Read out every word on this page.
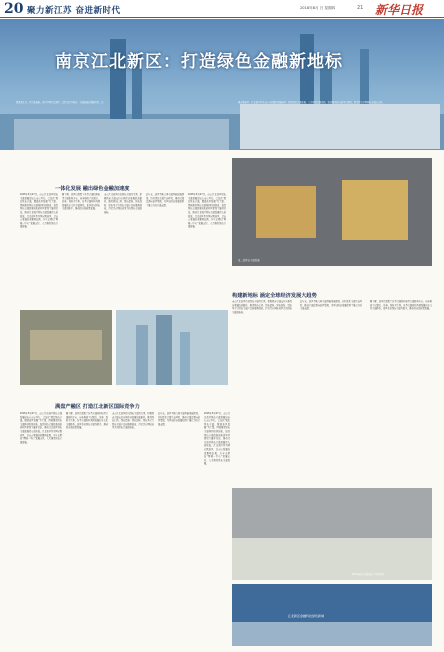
20 聚力新江苏 奋进新时代	2018年8月 日 星期四	21 新华日报
建设新江北，打造新地标。设立中国江北新区，是打造江苏经济、金融高地的战略举措，是	国家级新区，江北新区作为南京市重要的发展新区，紧扣绿色金融发展，大力推进金融创新，加快推动新金融中心建设，努力打造全国绿色金融示范区。
南京江北新区：打造绿色金融新地标
一体化发展 融出绿色金融加速度
2018年8月27日，南京江北新区绿色金融发展论坛在南京举行。会议以“聚焦绿色金融，赋能新区发展”为主题，围绕推进绿色金融体制机制创新，加快绿色金融改革创新试验区建设等展开讨论，推动江北新区绿色金融发展进入新阶段。江北新区作为国家级新区，是南京发展的重要增长极，多年来紧扣“两城一中心”发展定位，大力推进绿色金融发展。
据了解，新区已聚集了各类金融机构和类金融机构多家，初步形成了以银行、证券、保险为主体，各类金融机构共同发展的多元化金融体系。新区将以绿色金融为抓手，推动经济高质量发展。
南京江北新区将以绿色金融为引领，积极探索金融支持实体经济发展的新路径，推进绿色信贷、绿色债券、绿色保险、绿色基金等绿色金融产品和服务创新，打造具有国际竞争力的绿色金融新地标。
近年来，新区不断完善金融基础设施建设，持续优化金融生态环境，推动金融资源向新区集聚，为区域经济发展提供了强有力的金融支撑。
2018年8月27日，南京江北新区绿色金融发展论坛在南京举行。会议以“聚焦绿色金融，赋能新区发展”为主题，围绕推进绿色金融体制机制创新，加快绿色金融改革创新试验区建设等展开讨论，推动江北新区绿色金融发展进入新阶段。江北新区作为国家级新区，是南京发展的重要增长极，多年来紧扣“两城一中心”发展定位，大力推进绿色金融发展。
第二届绿色金融发展
构建新地标 涵定全球经济发展大趋势
南京江北新区将以绿色金融为引领，积极探索金融支持实体经济发展的新路径，推进绿色信贷、绿色债券、绿色保险、绿色基金等绿色金融产品和服务创新，打造具有国际竞争力的绿色金融新地标。
近年来，新区不断完善金融基础设施建设，持续优化金融生态环境，推动金融资源向新区集聚，为区域经济发展提供了强有力的金融支撑。
据了解，新区已聚集了各类金融机构和类金融机构多家，初步形成了以银行、证券、保险为主体，各类金融机构共同发展的多元化金融体系。新区将以绿色金融为抓手，推动经济高质量发展。
满盘产融区 打造江北新区国际竞争力
2018年8月27日，南京江北新区绿色金融发展论坛在南京举行。会议以“聚焦绿色金融，赋能新区发展”为主题，围绕推进绿色金融体制机制创新，加快绿色金融改革创新试验区建设等展开讨论，推动江北新区绿色金融发展进入新阶段。江北新区作为国家级新区，是南京发展的重要增长极，多年来紧扣“两城一中心”发展定位，大力推进绿色金融发展。
据了解，新区已聚集了各类金融机构和类金融机构多家，初步形成了以银行、证券、保险为主体，各类金融机构共同发展的多元化金融体系。新区将以绿色金融为抓手，推动经济高质量发展。
南京江北新区将以绿色金融为引领，积极探索金融支持实体经济发展的新路径，推进绿色信贷、绿色债券、绿色保险、绿色基金等绿色金融产品和服务创新，打造具有国际竞争力的绿色金融新地标。
近年来，新区不断完善金融基础设施建设，持续优化金融生态环境，推动金融资源向新区集聚，为区域经济发展提供了强有力的金融支撑。
2018年8月27日，南京江北新区绿色金融发展论坛在南京举行。会议以“聚焦绿色金融，赋能新区发展”为主题，围绕推进绿色金融体制机制创新，加快绿色金融改革创新试验区建设等展开讨论，推动江北新区绿色金融发展进入新阶段。江北新区作为国家级新区，是南京发展的重要增长极，多年来紧扣“两城一中心”发展定位，大力推进绿色金融发展。
2018南京金融科技产业研究所
江北新区金融科技绿色新城
